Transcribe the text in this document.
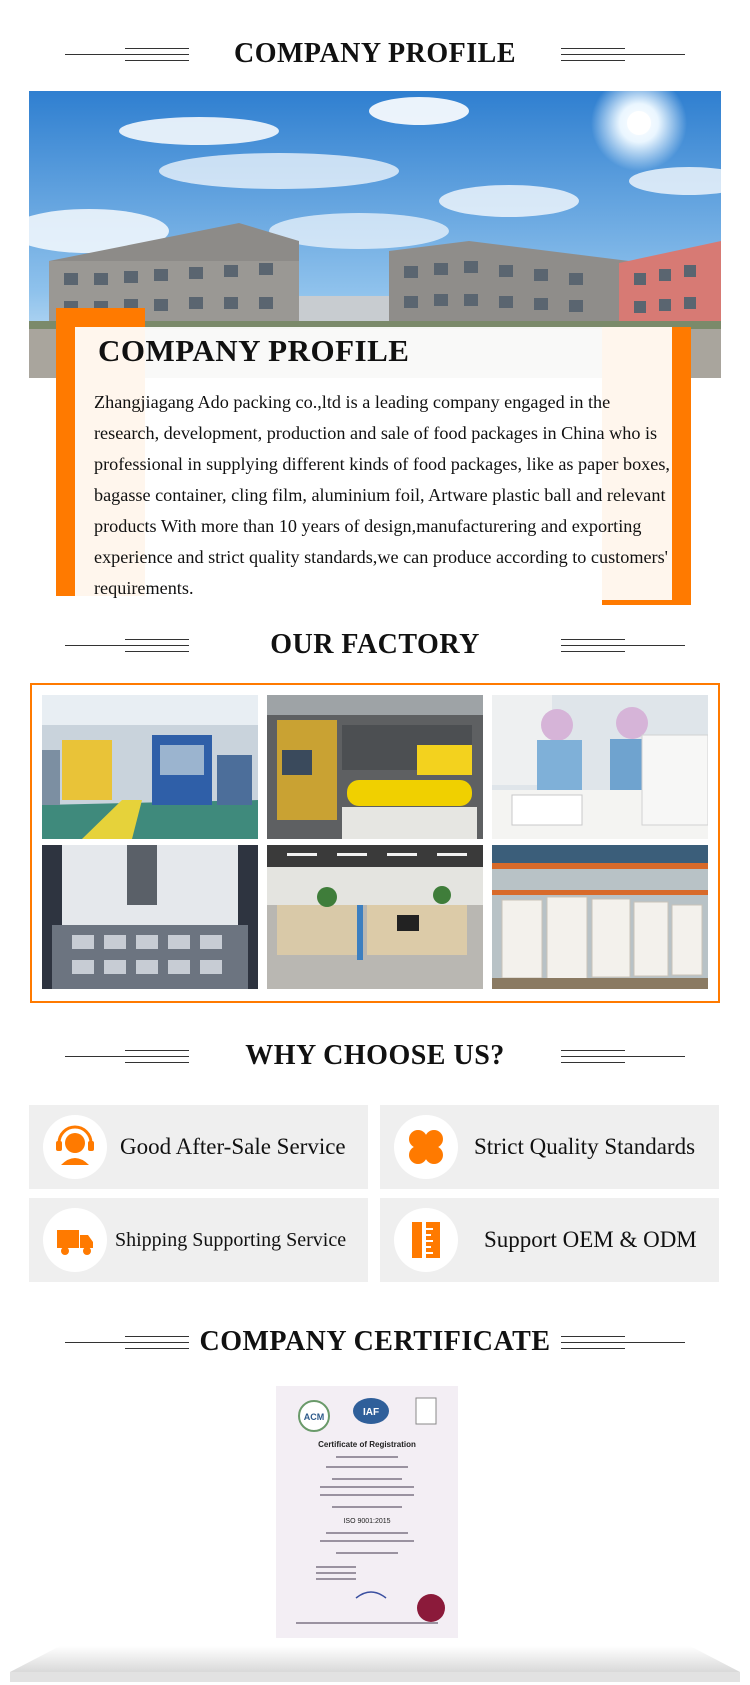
COMPANY PROFILE
COMPANY PROFILE
Zhangjiagang Ado packing co.,ltd is a leading company engaged in the research, development, production and sale of food packages in China who is professional in supplying different kinds of food packages, like as paper boxes, bagasse container, cling film, aluminium foil, Artware plastic ball and relevant products With more than 10 years of design,manufacturering and exporting experience and strict quality standards,we can produce according to customers' requirements.
OUR FACTORY
WHY CHOOSE US?
Good After-Sale Service	Strict Quality Standards
Shipping Supporting Service	Support OEM & ODM
COMPANY CERTIFICATE
ACM	IAF
Certificate of Registration
ISO 9001:2015
